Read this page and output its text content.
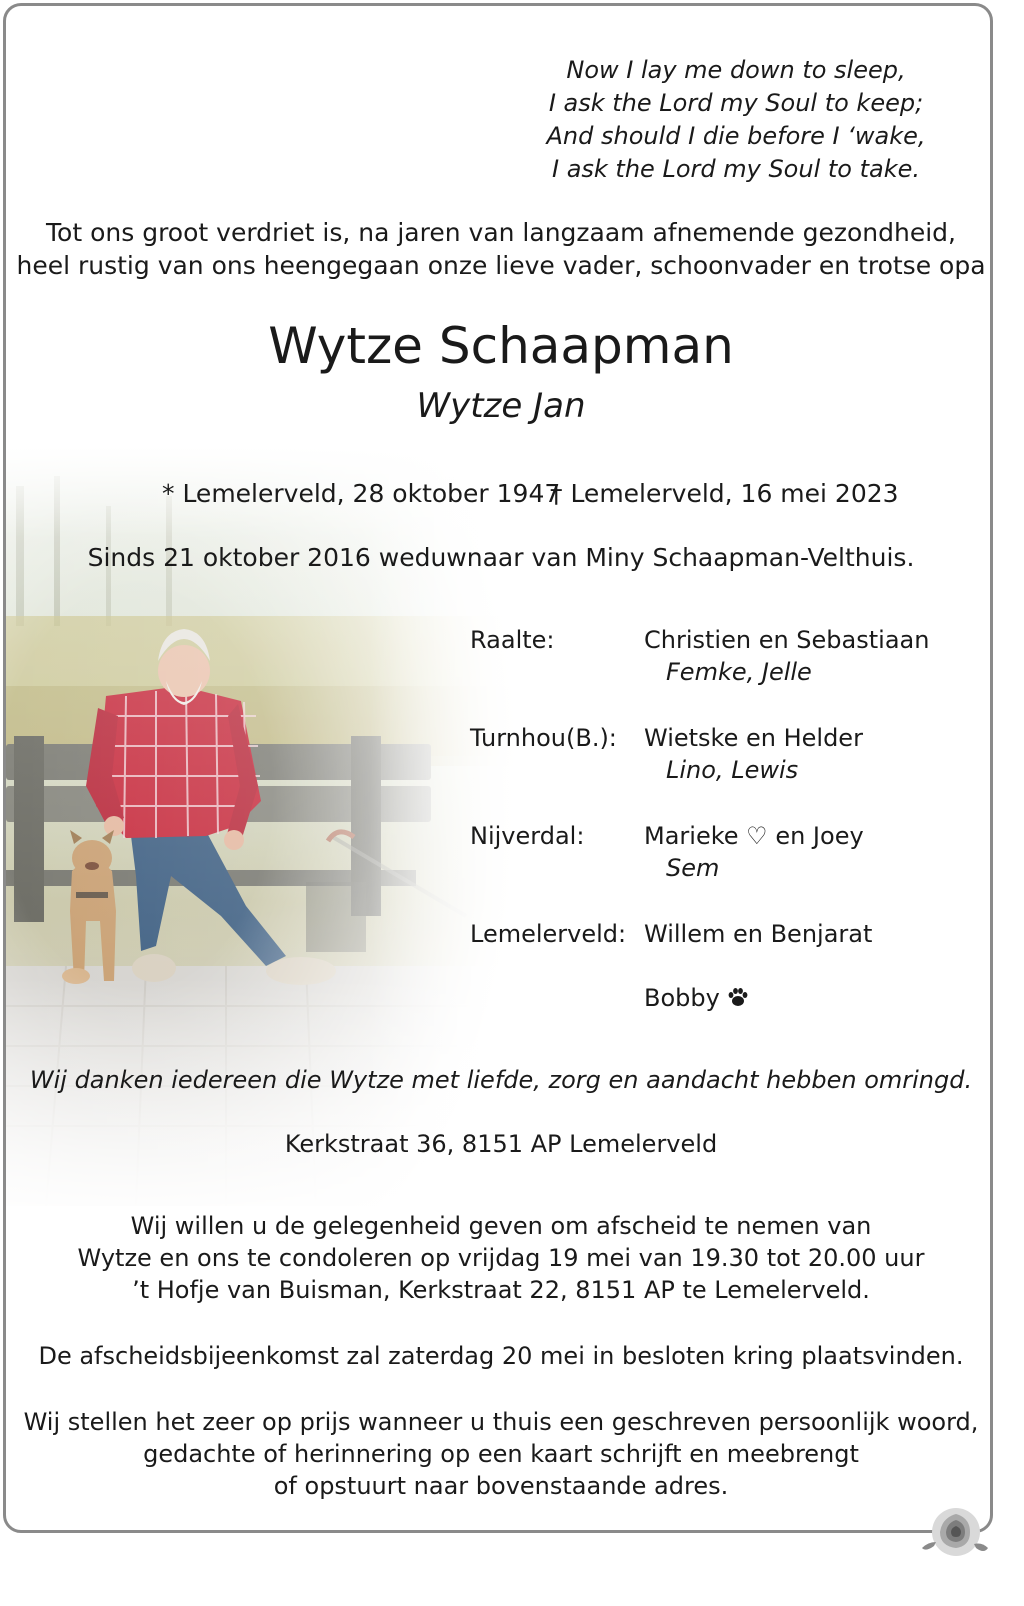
Now I lay me down to sleep,
I ask the Lord my Soul to keep;
And should I die before I ‘wake,
I ask the Lord my Soul to take.
Tot ons groot verdriet is, na jaren van langzaam afnemende gezondheid,
heel rustig van ons heengegaan onze lieve vader, schoonvader en trotse opa
Wytze Schaapman
Wytze Jan
* Lemelerveld, 28 oktober 1947
† Lemelerveld, 16 mei 2023
Sinds 21 oktober 2016 weduwnaar van Miny Schaapman-Velthuis.
Raalte:	Christien en Sebastiaan
Femke, Jelle
Turnhou(B.): Wietske en Helder
Lino, Lewis
Nijverdal: Marieke ♡ en Joey
Sem
Lemelerveld: Willem en Benjarat
Bobby
Wij danken iedereen die Wytze met liefde, zorg en aandacht hebben omringd.
Kerkstraat 36, 8151 AP Lemelerveld
Wij willen u de gelegenheid geven om afscheid te nemen van
Wytze en ons te condoleren op vrijdag 19 mei van 19.30 tot 20.00 uur
’t Hofje van Buisman, Kerkstraat 22, 8151 AP te Lemelerveld.
De afscheidsbijeenkomst zal zaterdag 20 mei in besloten kring plaatsvinden.
Wij stellen het zeer op prijs wanneer u thuis een geschreven persoonlijk woord,
gedachte of herinnering op een kaart schrijft en meebrengt
of opstuurt naar bovenstaande adres.
